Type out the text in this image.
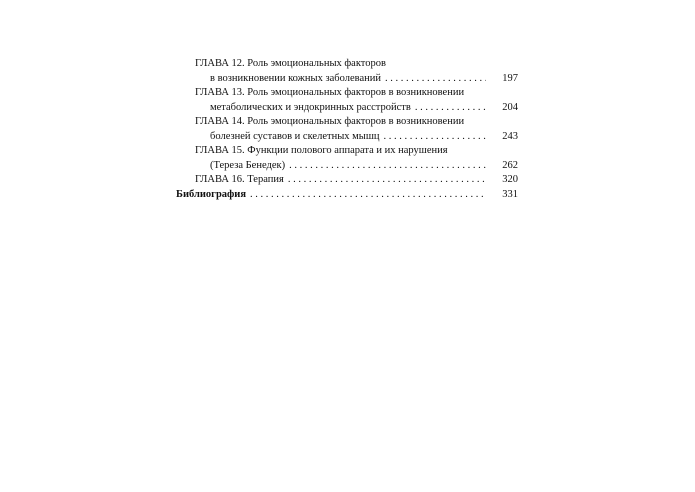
ГЛАВА 12. Роль эмоциональных факторов
в возникновении кожных заболеваний . . .	197
ГЛАВА 13. Роль эмоциональных факторов в возникновении
метаболических и эндокринных расстройств . . .	204
ГЛАВА 14. Роль эмоциональных факторов в возникновении
болезней суставов и скелетных мышц . . .	243
ГЛАВА 15. Функции полового аппарата и их нарушения
(Тереза Бенедек) . . .	262
ГЛАВА 16. Терапия . . .	320
Библиография . . .	331
